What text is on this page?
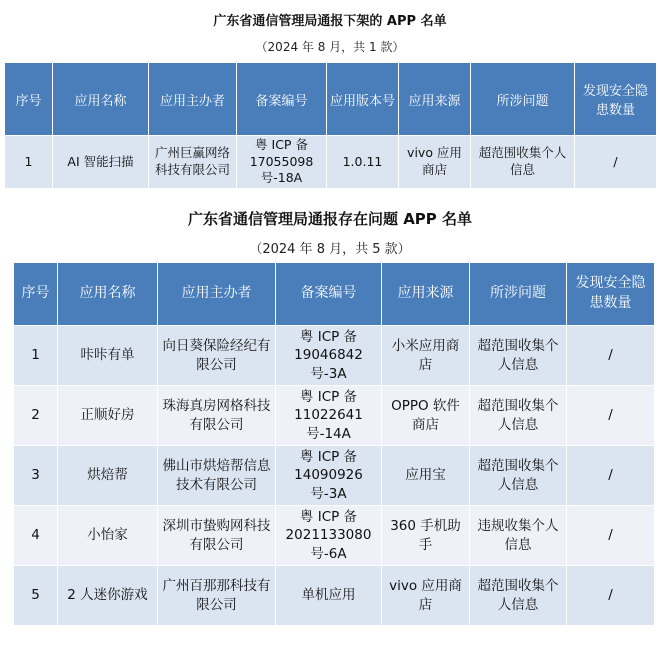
广东省通信管理局通报下架的 APP 名单
（2024 年 8 月，共 1 款）
序号	应用名称	应用主办者	备案编号	应用版本号	应用来源	所涉问题	发现安全隐患数量
1	AI 智能扫描	广州巨赢网络科技有限公司	粤 ICP 备 17055098 号-18A	1.0.11	vivo 应用商店	超范围收集个人信息	/
广东省通信管理局通报存在问题 APP 名单
（2024 年 8 月，共 5 款）
序号	应用名称	应用主办者	备案编号	应用来源	所涉问题	发现安全隐患数量
1	咔咔有单	向日葵保险经纪有限公司	粤 ICP 备 19046842 号-3A	小米应用商店	超范围收集个人信息	/
2	正顺好房	珠海真房网格科技有限公司	粤 ICP 备 11022641 号-14A	OPPO 软件商店	超范围收集个人信息	/
3	烘焙帮	佛山市烘焙帮信息技术有限公司	粤 ICP 备 14090926 号-3A	应用宝	超范围收集个人信息	/
4	小怡家	深圳市蛰购网科技有限公司	粤 ICP 备 2021133080 号-6A	360 手机助手	违规收集个人信息	/
5	2 人迷你游戏	广州百那那科技有限公司	单机应用	vivo 应用商店	超范围收集个人信息	/
